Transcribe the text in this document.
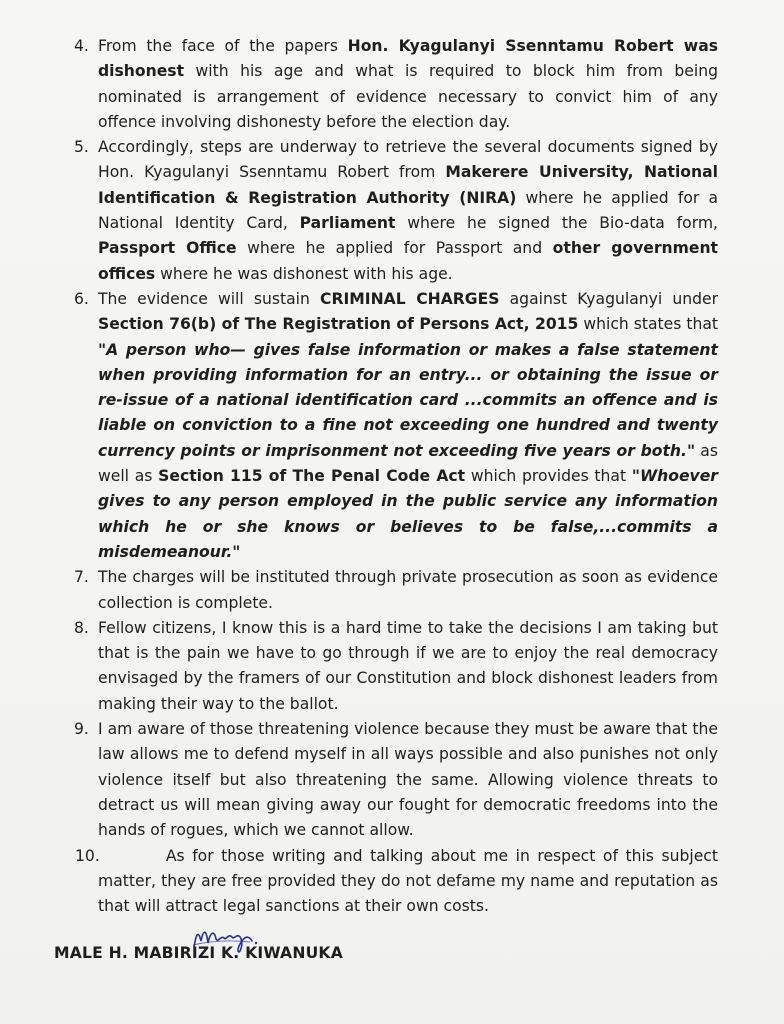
4. From the face of the papers Hon. Kyagulanyi Ssenntamu Robert was dishonest with his age and what is required to block him from being nominated is arrangement of evidence necessary to convict him of any offence involving dishonesty before the election day.
5. Accordingly, steps are underway to retrieve the several documents signed by Hon. Kyagulanyi Ssenntamu Robert from Makerere University, National Identification & Registration Authority (NIRA) where he applied for a National Identity Card, Parliament where he signed the Bio-data form, Passport Office where he applied for Passport and other government offices where he was dishonest with his age.
6. The evidence will sustain CRIMINAL CHARGES against Kyagulanyi under Section 76(b) of The Registration of Persons Act, 2015 which states that "A person who— gives false information or makes a false statement when providing information for an entry... or obtaining the issue or re-issue of a national identification card ...commits an offence and is liable on conviction to a fine not exceeding one hundred and twenty currency points or imprisonment not exceeding five years or both." as well as Section 115 of The Penal Code Act which provides that "Whoever gives to any person employed in the public service any information which he or she knows or believes to be false,...commits a misdemeanour."
7. The charges will be instituted through private prosecution as soon as evidence collection is complete.
8. Fellow citizens, I know this is a hard time to take the decisions I am taking but that is the pain we have to go through if we are to enjoy the real democracy envisaged by the framers of our Constitution and block dishonest leaders from making their way to the ballot.
9. I am aware of those threatening violence because they must be aware that the law allows me to defend myself in all ways possible and also punishes not only violence itself but also threatening the same. Allowing violence threats to detract us will mean giving away our fought for democratic freedoms into the hands of rogues, which we cannot allow.
10.
As for those writing and talking about me in respect of this subject matter, they are free provided they do not defame my name and reputation as that will attract legal sanctions at their own costs.

MALE H. MABIRIZI K. KIWANUKA
